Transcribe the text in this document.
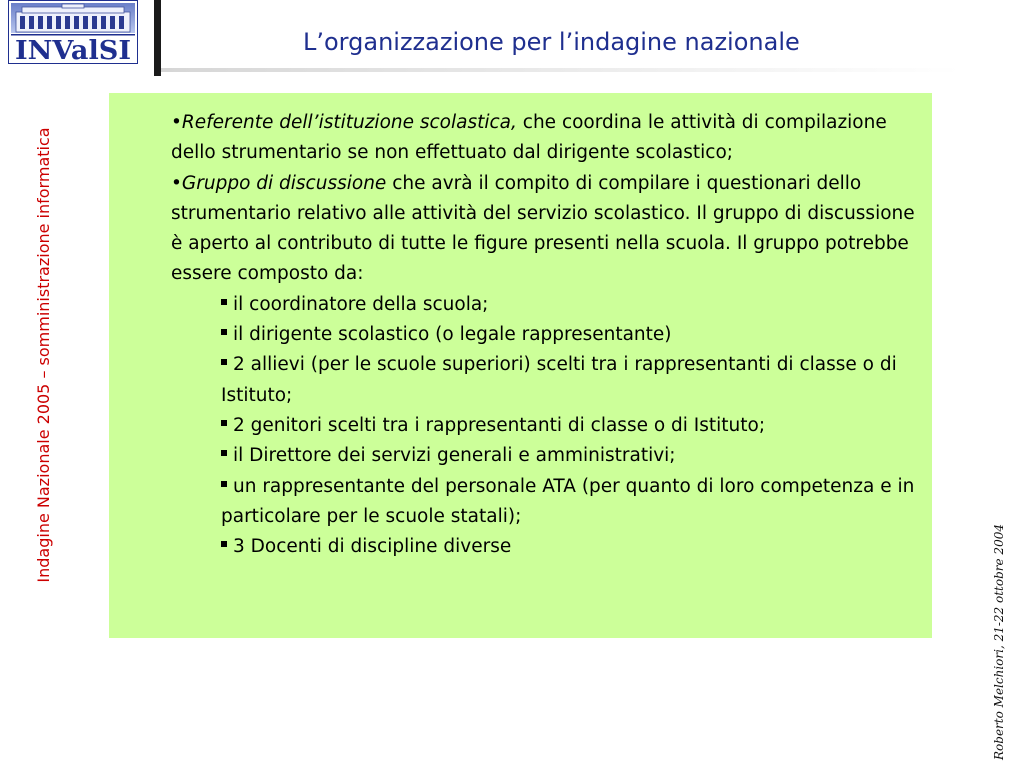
INValSI	L’organizzazione per l’indagine nazionale
Indagine Nazionale 2005 – somministrazione informatica
Roberto Melchiori, 21-22 ottobre 2004

•Referente dell’istituzione scolastica, che coordina le attività di compilazione dello strumentario se non effettuato dal dirigente scolastico;

•Gruppo di discussione che avrà il compito di compilare i questionari dello strumentario relativo alle attività del servizio scolastico. Il gruppo di discussione è aperto al contributo di tutte le figure presenti nella scuola. Il gruppo potrebbe essere composto da:

il coordinatore della scuola;
il dirigente scolastico (o legale rappresentante)
2 allievi (per le scuole superiori) scelti tra i rappresentanti di classe o di Istituto;
2 genitori scelti tra i rappresentanti di classe o di Istituto;
il Direttore dei servizi generali e amministrativi;
un rappresentante del personale ATA (per quanto di loro competenza e in particolare per le scuole statali);
3 Docenti di discipline diverse
